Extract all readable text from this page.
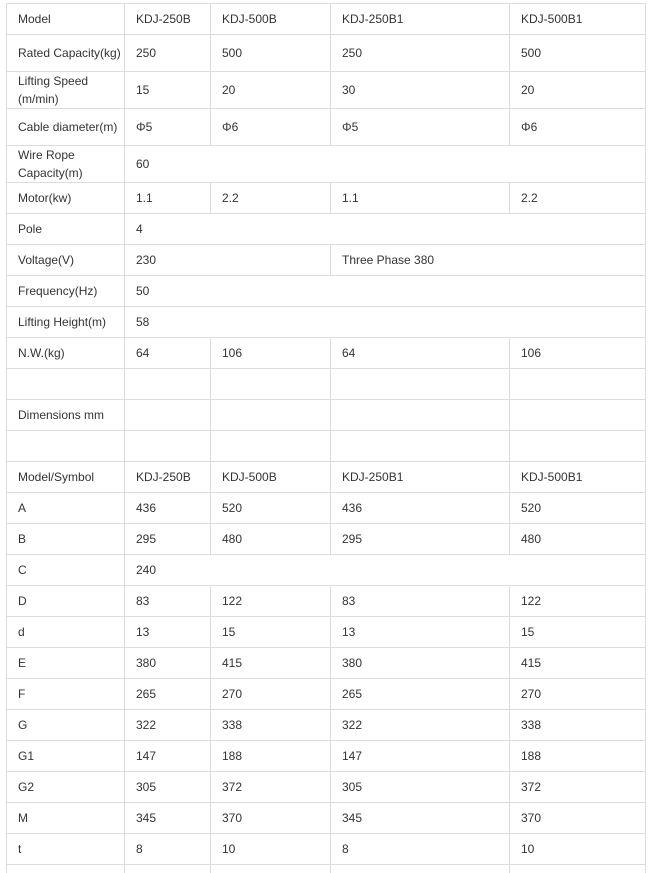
Model	KDJ-250B	KDJ-500B	KDJ-250B1	KDJ-500B1
Rated Capacity(kg)	250	500	250	500
Lifting Speed (m/min)	15	20	30	20
Cable diameter(m)	Φ5	Φ6	Φ5	Φ6
Wire Rope Capacity(m)	60			
Motor(kw)	1.1	2.2	1.1	2.2
Pole	4			
Voltage(V)	230		Three Phase 380	
Frequency(Hz)	50			
Lifting Height(m)	58			
N.W.(kg)	64	106	64	106

Dimensions mm				

Model/Symbol	KDJ-250B	KDJ-500B	KDJ-250B1	KDJ-500B1
A	436	520	436	520
B	295	480	295	480
C	240			
D	83	122	83	122
d	13	15	13	15
E	380	415	380	415
F	265	270	265	270
G	322	338	322	338
G1	147	188	147	188
G2	305	372	305	372
M	345	370	345	370
t	8	10	8	10
